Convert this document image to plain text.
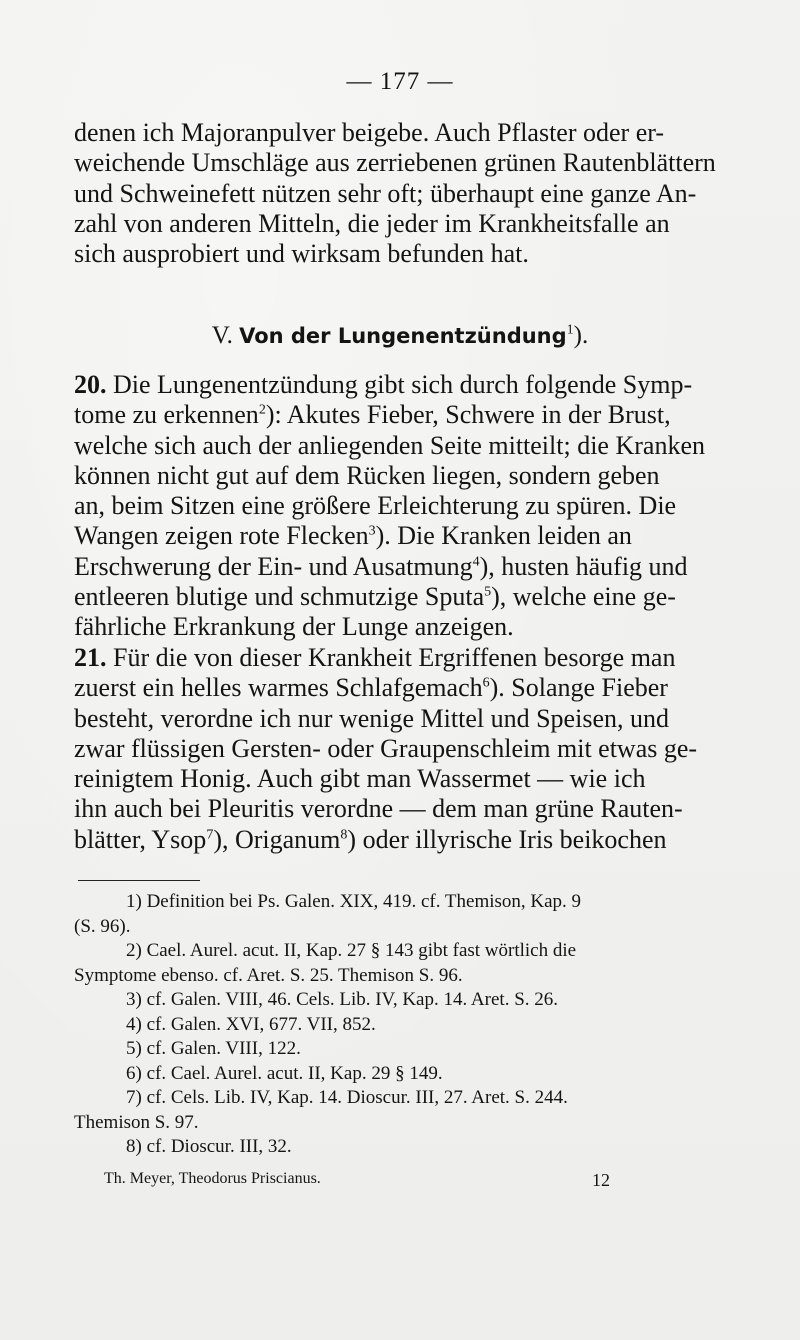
— 177 —
denen ich Majoranpulver beigebe. Auch Pflaster oder er-
weichende Umschläge aus zerriebenen grünen Rautenblättern
und Schweinefett nützen sehr oft; überhaupt eine ganze An-
zahl von anderen Mitteln, die jeder im Krankheitsfalle an
sich ausprobiert und wirksam befunden hat.
V. Von der Lungenentzündung$^1$).
20. Die Lungenentzündung gibt sich durch folgende Symp-
tome zu erkennen$^2$): Akutes Fieber, Schwere in der Brust,
welche sich auch der anliegenden Seite mitteilt; die Kranken
können nicht gut auf dem Rücken liegen, sondern geben
an, beim Sitzen eine größere Erleichterung zu spüren. Die
Wangen zeigen rote Flecken$^3$). Die Kranken leiden an
Erschwerung der Ein- und Ausatmung$^4$), husten häufig und
entleeren blutige und schmutzige Sputa$^5$), welche eine ge-
fährliche Erkrankung der Lunge anzeigen.
21. Für die von dieser Krankheit Ergriffenen besorge man
zuerst ein helles warmes Schlafgemach$^6$). Solange Fieber
besteht, verordne ich nur wenige Mittel und Speisen, und
zwar flüssigen Gersten- oder Graupenschleim mit etwas ge-
reinigtem Honig. Auch gibt man Wassermet — wie ich
ihn auch bei Pleuritis verordne — dem man grüne Rauten-
blätter, Ysop$^7$), Origanum$^8$) oder illyrische Iris beikochen
1) Definition bei Ps. Galen. XIX, 419. cf. Themison, Kap. 9
(S. 96).
2) Cael. Aurel. acut. II, Kap. 27 § 143 gibt fast wörtlich die
Symptome ebenso. cf. Aret. S. 25. Themison S. 96.
3) cf. Galen. VIII, 46. Cels. Lib. IV, Kap. 14. Aret. S. 26.
4) cf. Galen. XVI, 677. VII, 852.
5) cf. Galen. VIII, 122.
6) cf. Cael. Aurel. acut. II, Kap. 29 § 149.
7) cf. Cels. Lib. IV, Kap. 14. Dioscur. III, 27. Aret. S. 244.
Themison S. 97.
8) cf. Dioscur. III, 32.
Th. Meyer, Theodorus Priscianus.	12
